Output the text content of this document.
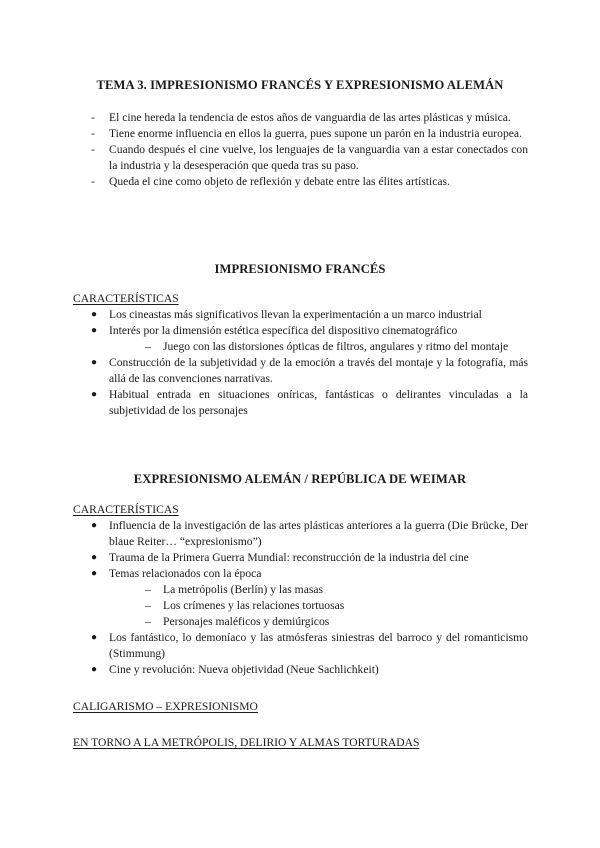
TEMA 3. IMPRESIONISMO FRANCÉS Y EXPRESIONISMO ALEMÁN
- El cine hereda la tendencia de estos años de vanguardia de las artes plásticas y música.
- Tiene enorme influencia en ellos la guerra, pues supone un parón en la industria europea.
- Cuando después el cine vuelve, los lenguajes de la vanguardia van a estar conectados con la industria y la desesperación que queda tras su paso.
- Queda el cine como objeto de reflexión y debate entre las élites artísticas.
IMPRESIONISMO FRANCÉS
CARACTERÍSTICAS
● Los cineastas más significativos llevan la experimentación a un marco industrial
● Interés por la dimensión estética específica del dispositivo cinematográfico
– Juego con las distorsiones ópticas de filtros, angulares y ritmo del montaje
● Construcción de la subjetividad y de la emoción a través del montaje y la fotografía, más allá de las convenciones narrativas.
● Habitual entrada en situaciones oníricas, fantásticas o delirantes vinculadas a la subjetividad de los personajes
EXPRESIONISMO ALEMÁN / REPÚBLICA DE WEIMAR
CARACTERÍSTICAS
● Influencia de la investigación de las artes plásticas anteriores a la guerra (Die Brücke, Der blaue Reiter… “expresionismo”)
● Trauma de la Primera Guerra Mundial: reconstrucción de la industria del cine
● Temas relacionados con la época
– La metrópolis (Berlín) y las masas
– Los crímenes y las relaciones tortuosas
– Personajes maléficos y demiúrgicos
● Los fantástico, lo demoníaco y las atmósferas siniestras del barroco y del romanticismo (Stimmung)
● Cine y revolución: Nueva objetividad (Neue Sachlichkeit)
CALIGARISMO – EXPRESIONISMO
EN TORNO A LA METRÓPOLIS, DELIRIO Y ALMAS TORTURADAS
